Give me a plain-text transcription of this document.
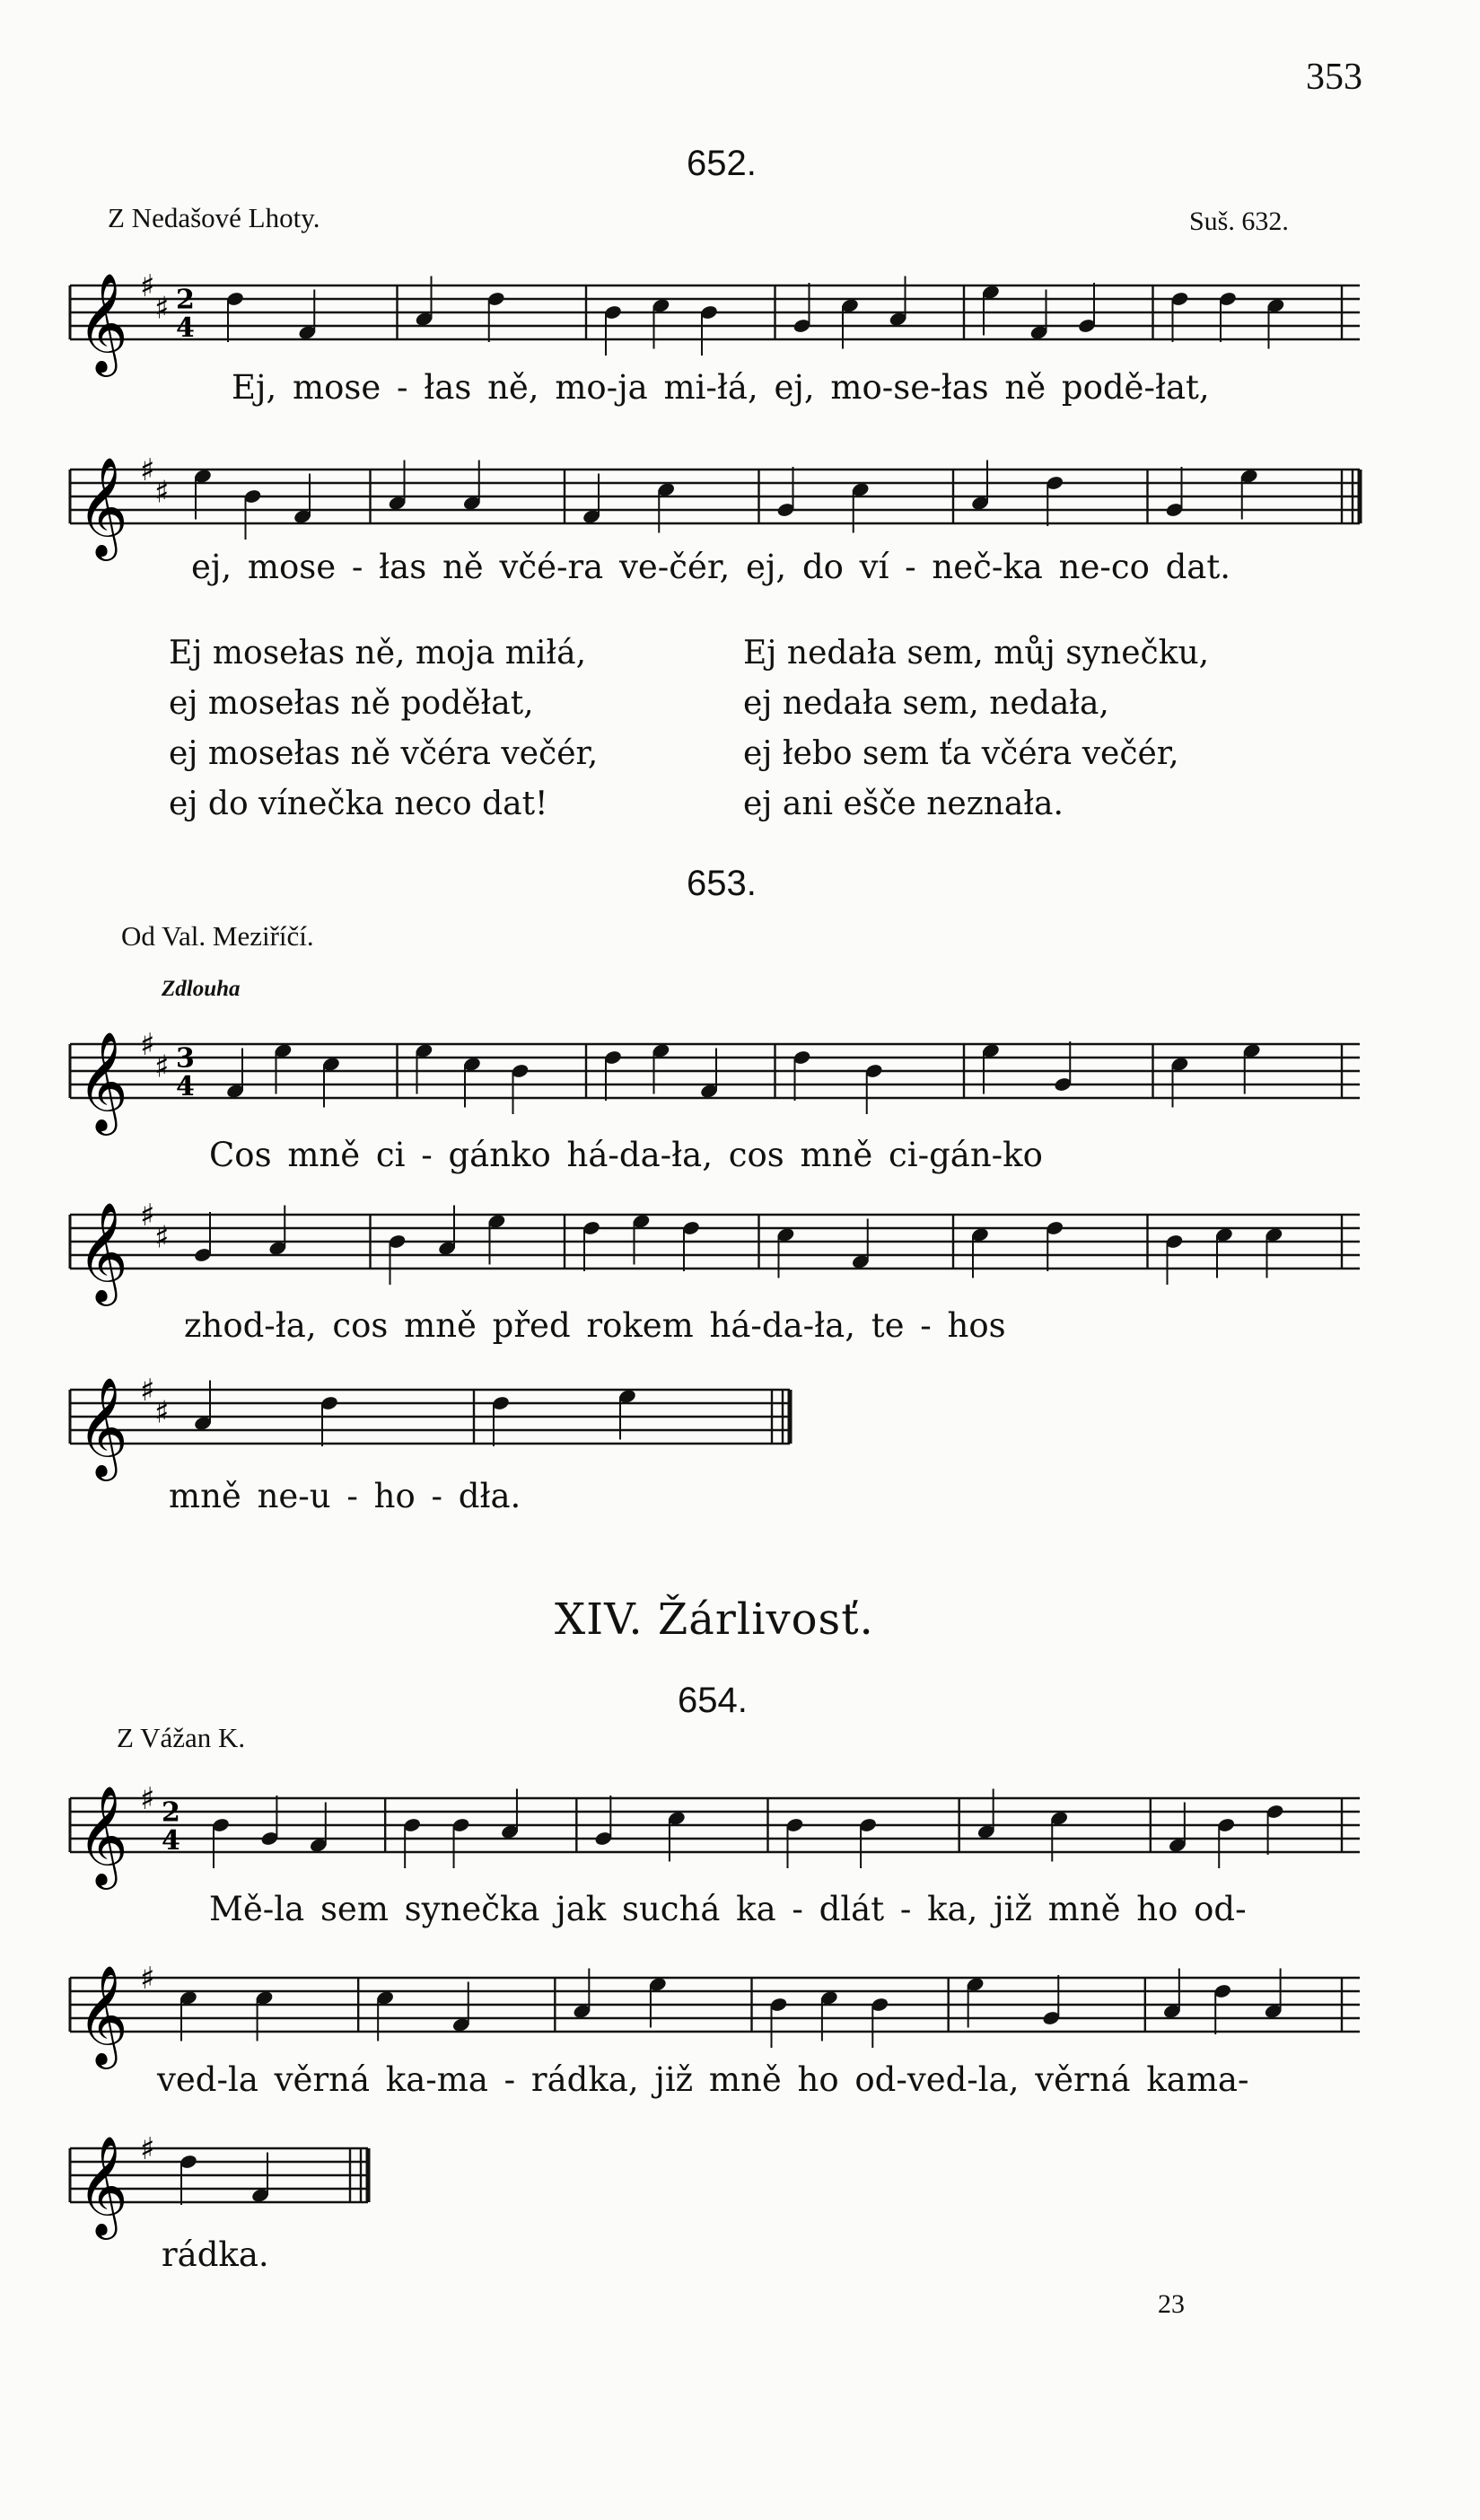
353
652.
Z Nedašové Lhoty.	Suš. 632.
𝄞 ♯
♯ 2
4
Ej, mose - łas ně, mo-ja mi-łá, ej, mo-se-łas ně podě-łat,
𝄞 ♯
♯
ej, mose - łas ně včé-ra ve-čér, ej, do ví - neč-ka ne-co dat.
Ej mosełas ně, moja miłá,
ej mosełas ně poděłat,
ej mosełas ně včéra večér,
ej do vínečka neco dat!
Ej nedała sem, můj synečku,
ej nedała sem, nedała,
ej łebo sem ťa včéra večér,
ej ani ešče neznała.
653.
Od Val. Meziříčí.
Zdlouha
𝄞 ♯
♯ 3
4
Cos mně ci - gánko há-da-ła, cos mně ci-gán-ko
𝄞 ♯
♯
zhod-ła, cos mně před rokem há-da-ła, te - hos
𝄞 ♯
♯
mně ne-u - ho - dła.
XIV. Žárlivosť.
654.
Z Vážan K.
𝄞 ♯ 2
4
Mě-la sem synečka jak suchá ka - dlát - ka, již mně ho od-
𝄞 ♯
ved-la věrná ka-ma - rádka, již mně ho od-ved-la, věrná kama-
𝄞 ♯
rádka.
23
